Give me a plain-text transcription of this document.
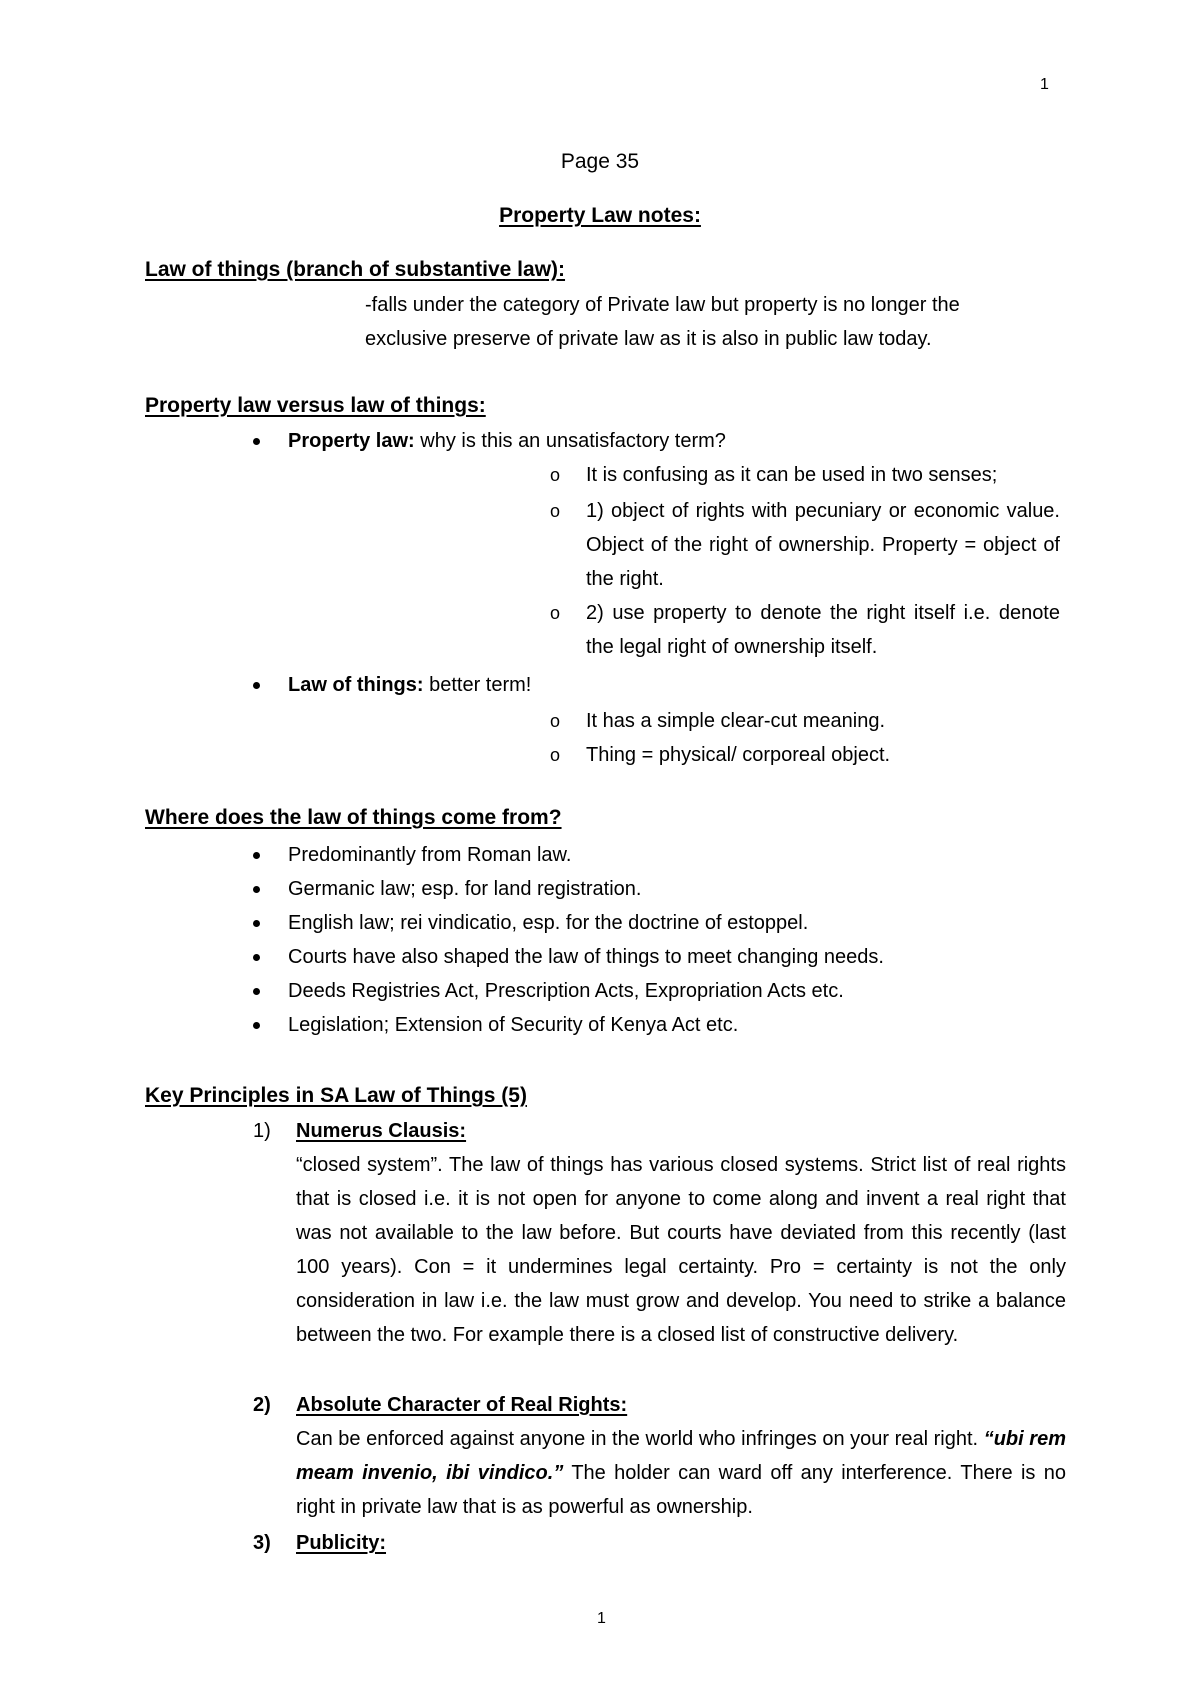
1
Page 35
Property Law notes:
Law of things (branch of substantive law):
-falls under the category of Private law but property is no longer the
exclusive preserve of private law as it is also in public law today.
Property law versus law of things:
Property law: why is this an unsatisfactory term?
o	It is confusing as it can be used in two senses;
o	1) object of rights with pecuniary or economic value. Object of the right of ownership. Property = object of the right.
o	2) use property to denote the right itself i.e. denote the legal right of ownership itself.
Law of things: better term!
o	It has a simple clear-cut meaning.
o	Thing = physical/ corporeal object.
Where does the law of things come from?
Predominantly from Roman law.
Germanic law; esp. for land registration.
English law; rei vindicatio, esp. for the doctrine of estoppel.
Courts have also shaped the law of things to meet changing needs.
Deeds Registries Act, Prescription Acts, Expropriation Acts etc.
Legislation; Extension of Security of Kenya Act etc.
Key Principles in SA Law of Things (5)
1)	Numerus Clausis:
“closed system”. The law of things has various closed systems. Strict list of real rights that is closed i.e. it is not open for anyone to come along and invent a real right that was not available to the law before. But courts have deviated from this recently (last 100 years). Con = it undermines legal certainty. Pro = certainty is not the only consideration in law i.e. the law must grow and develop. You need to strike a balance between the two. For example there is a closed list of constructive delivery.
2)	Absolute Character of Real Rights:
Can be enforced against anyone in the world who infringes on your real right. “ubi rem meam invenio, ibi vindico.” The holder can ward off any interference. There is no right in private law that is as powerful as ownership.
3)	Publicity:
1
